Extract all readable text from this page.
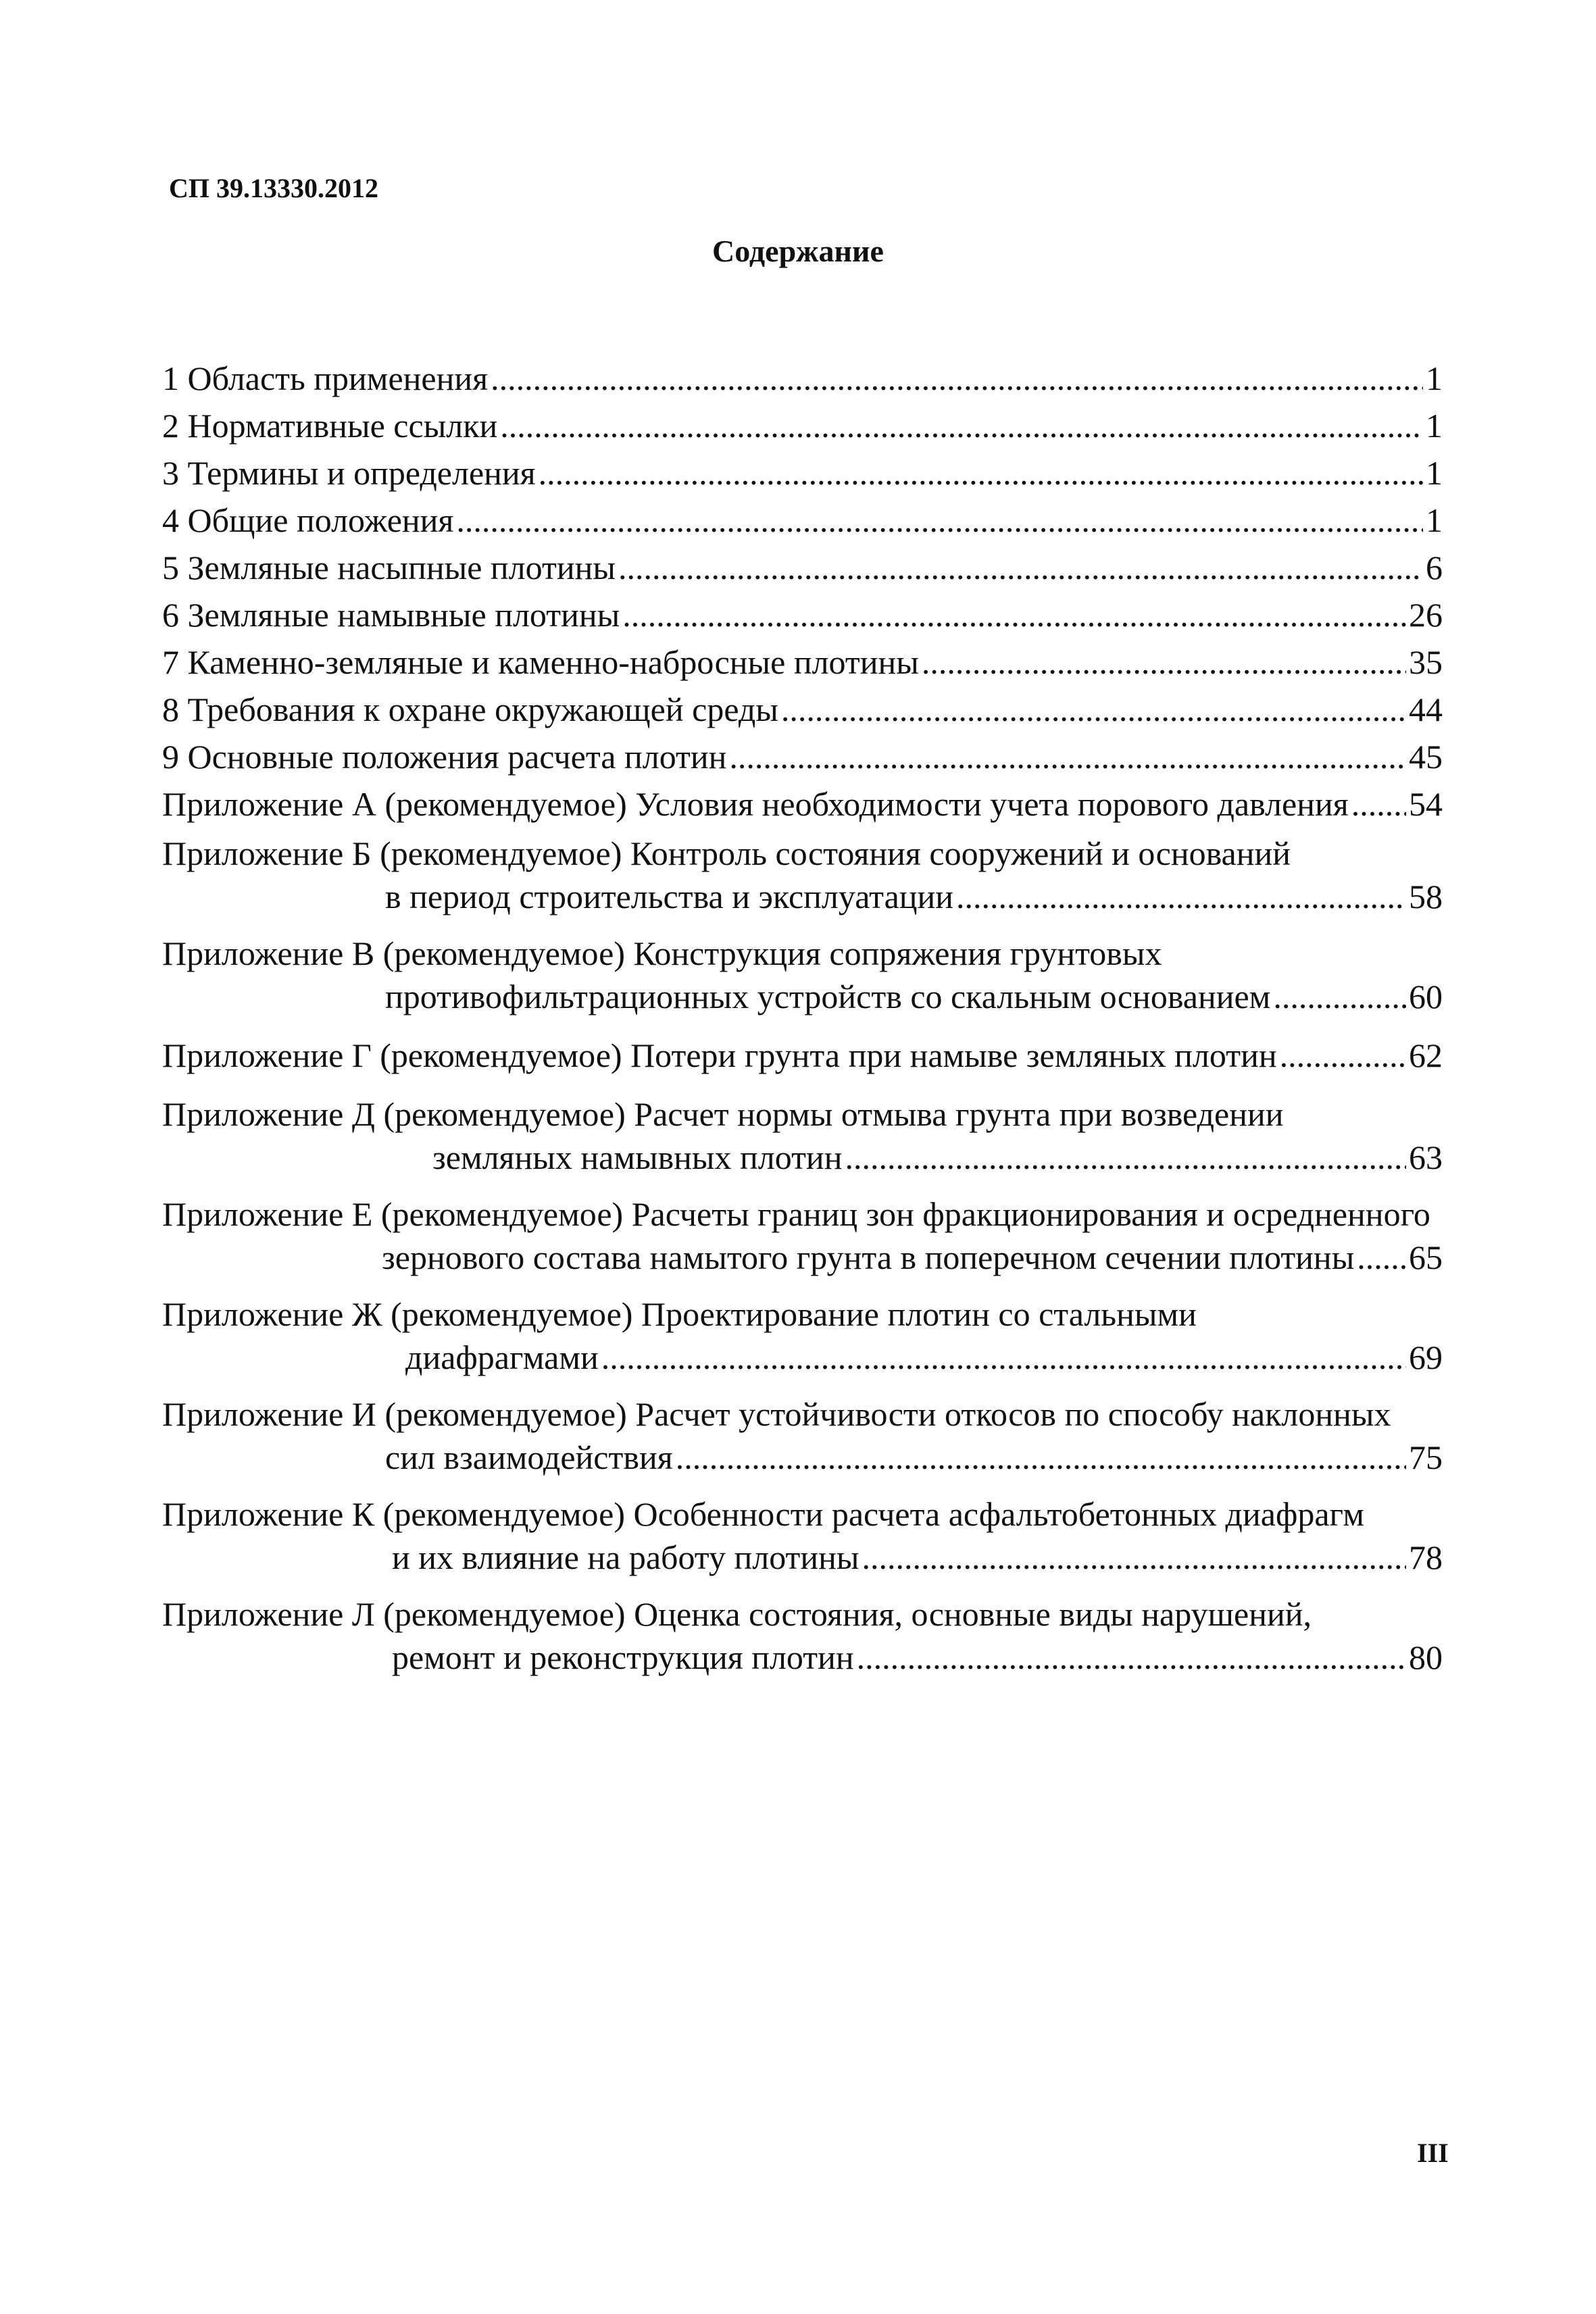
СП 39.13330.2012
Содержание
1 Область применения .....	1
2 Нормативные ссылки .....	1
3 Термины и определения .....	1
4 Общие положения .....	1
5 Земляные насыпные плотины .....	6
6 Земляные намывные плотины .....	26
7 Каменно-земляные и каменно-набросные плотины .....	35
8 Требования к охране окружающей среды .....	44
9 Основные положения расчета плотин .....	45
Приложение А (рекомендуемое) Условия необходимости учета порового давления ..... 54
Приложение Б (рекомендуемое) Контроль состояния сооружений и оснований
в период строительства и эксплуатации .....	58
Приложение В (рекомендуемое) Конструкция сопряжения грунтовых
противофильтрационных устройств со скальным основанием .....	60
Приложение Г (рекомендуемое) Потери грунта при намыве земляных плотин .....	62
Приложение Д (рекомендуемое) Расчет нормы отмыва грунта при возведении
земляных намывных плотин .....	63
Приложение Е (рекомендуемое) Расчеты границ зон фракционирования и осредненного
зернового состава намытого грунта в поперечном сечении плотины ..... 65
Приложение Ж (рекомендуемое) Проектирование плотин со стальными
диафрагмами .....	69
Приложение И (рекомендуемое) Расчет устойчивости откосов по способу наклонных
сил взаимодействия .....	75
Приложение К (рекомендуемое) Особенности расчета асфальтобетонных диафрагм
и их влияние на работу плотины .....	78
Приложение Л (рекомендуемое) Оценка состояния, основные виды нарушений,
ремонт и реконструкция плотин .....	80
III
